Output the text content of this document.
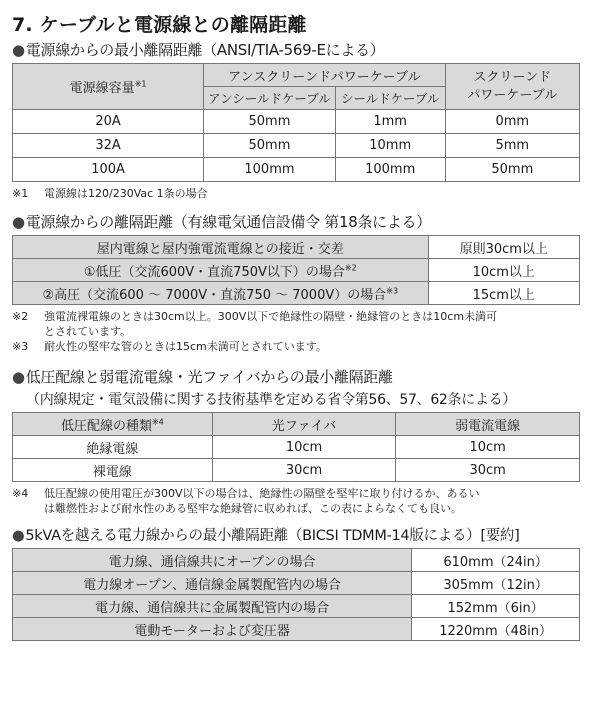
7. ケーブルと電源線との離隔距離
●電源線からの最小離隔距離（ANSI/TIA-569-Eによる）
電源線容量$^{※1}$	アンスクリーンドパワーケーブル		スクリーンド
パワーケーブル
	アンシールドケーブル	シールドケーブル	
20A	50mm	1mm	0mm
32A	50mm	10mm	5mm
100A	100mm	100mm	50mm
※1 電源線は120/230Vac 1条の場合
●電源線からの離隔距離（有線電気通信設備令 第18条による）
屋内電線と屋内強電流電線との接近・交差	原則30cm以上
①低圧（交流600V・直流750V以下）の場合$^{※2}$	10cm以上
②高圧（交流600 ～ 7000V・直流750 ～ 7000V）の場合$^{※3}$	15cm以上
※2 強電流裸電線のときは30cm以上。300V以下で絶縁性の隔壁・絶縁管のときは10cm未満可
とされています。
※3 耐火性の堅牢な管のときは15cm未満可とされています。
●低圧配線と弱電流電線・光ファイバからの最小離隔距離
（内線規定・電気設備に関する技術基準を定める省令第56、57、62条による）
低圧配線の種類$^{※4}$	光ファイバ	弱電流電線
絶縁電線	10cm	10cm
裸電線	30cm	30cm
※4 低圧配線の使用電圧が300V以下の場合は、絶縁性の隔壁を堅牢に取り付けるか、あるい
は難燃性および耐水性のある堅牢な絶縁管に収めれば、この表によらなくても良い。
●5kVAを越える電力線からの最小離隔距離（BICSI TDMM-14版による）[要約]
電力線、通信線共にオープンの場合	610mm（24in）
電力線オープン、通信線金属製配管内の場合	305mm（12in）
電力線、通信線共に金属製配管内の場合	152mm（6in）
電動モーターおよび変圧器	1220mm（48in）
